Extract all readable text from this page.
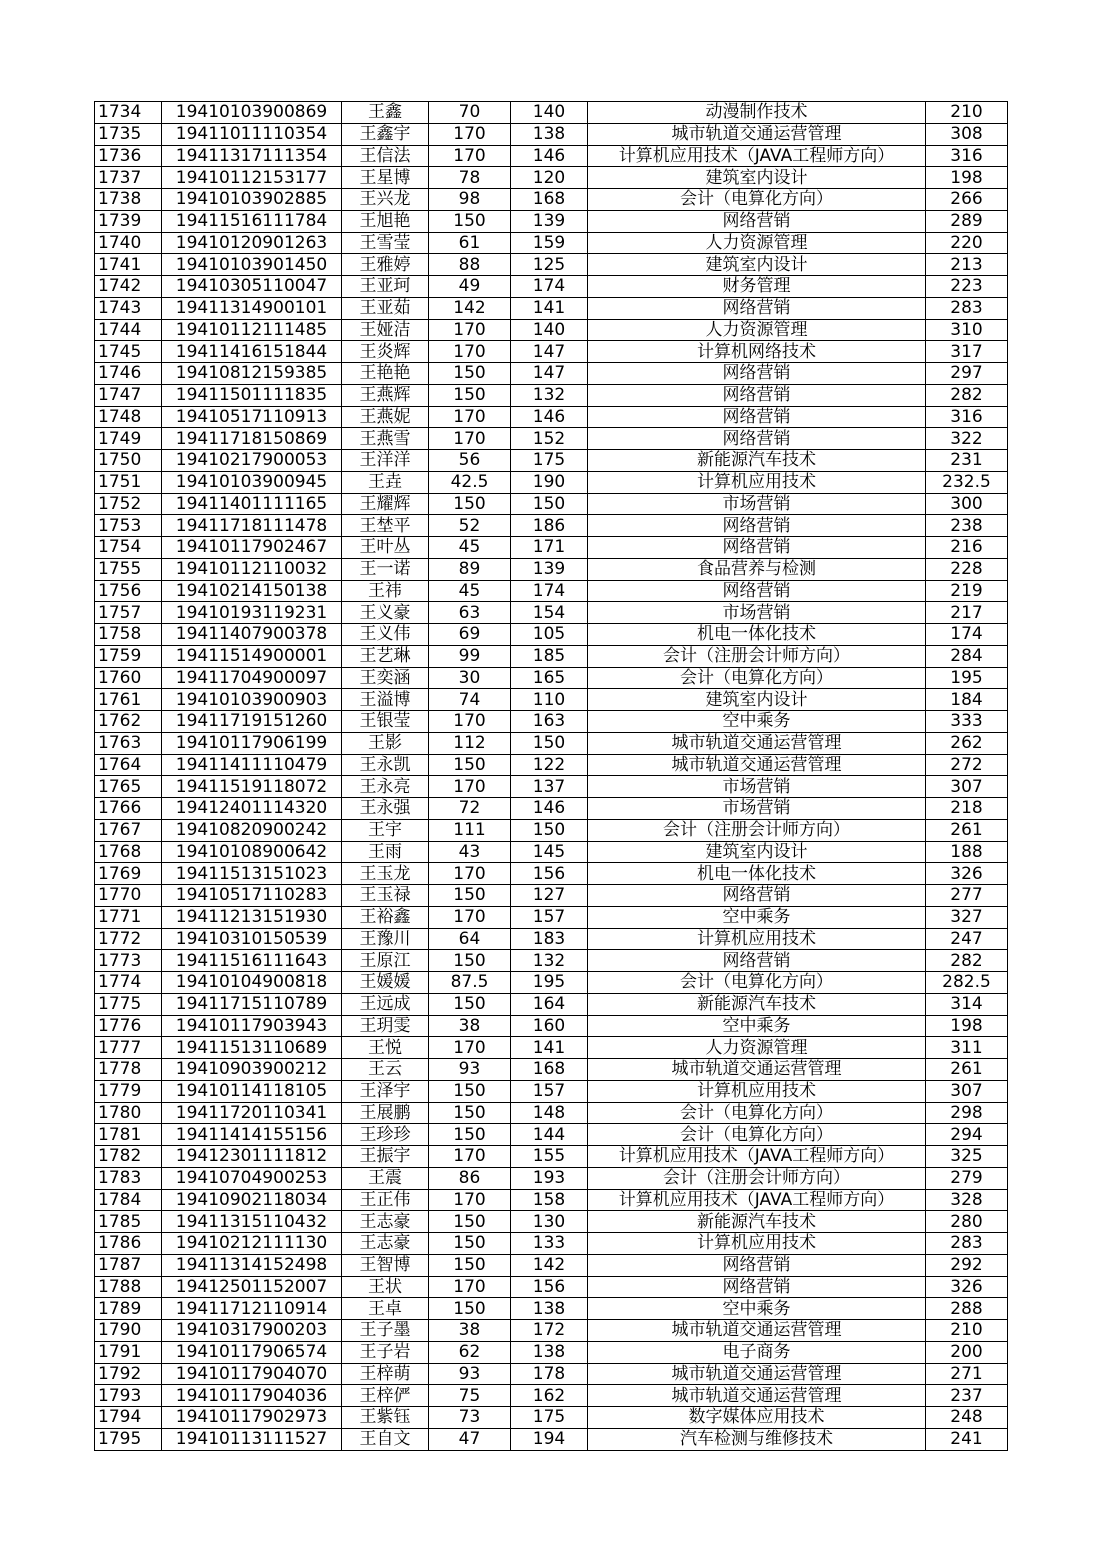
1734	19410103900869	王鑫	70	140	动漫制作技术	210
1735	19411011110354	王鑫宇	170	138	城市轨道交通运营管理	308
1736	19411317111354	王信法	170	146	计算机应用技术（JAVA工程师方向）	316
1737	19410112153177	王星博	78	120	建筑室内设计	198
1738	19410103902885	王兴龙	98	168	会计（电算化方向）	266
1739	19411516111784	王旭艳	150	139	网络营销	289
1740	19410120901263	王雪莹	61	159	人力资源管理	220
1741	19410103901450	王雅婷	88	125	建筑室内设计	213
1742	19410305110047	王亚珂	49	174	财务管理	223
1743	19411314900101	王亚茹	142	141	网络营销	283
1744	19410112111485	王娅洁	170	140	人力资源管理	310
1745	19411416151844	王炎辉	170	147	计算机网络技术	317
1746	19410812159385	王艳艳	150	147	网络营销	297
1747	19411501111835	王燕辉	150	132	网络营销	282
1748	19410517110913	王燕妮	170	146	网络营销	316
1749	19411718150869	王燕雪	170	152	网络营销	322
1750	19410217900053	王洋洋	56	175	新能源汽车技术	231
1751	19410103900945	王垚	42.5	190	计算机应用技术	232.5
1752	19411401111165	王耀辉	150	150	市场营销	300
1753	19411718111478	王埜平	52	186	网络营销	238
1754	19410117902467	王叶丛	45	171	网络营销	216
1755	19410112110032	王一诺	89	139	食品营养与检测	228
1756	19410214150138	王祎	45	174	网络营销	219
1757	19410193119231	王义豪	63	154	市场营销	217
1758	19411407900378	王义伟	69	105	机电一体化技术	174
1759	19411514900001	王艺琳	99	185	会计（注册会计师方向）	284
1760	19411704900097	王奕涵	30	165	会计（电算化方向）	195
1761	19410103900903	王溢博	74	110	建筑室内设计	184
1762	19411719151260	王银莹	170	163	空中乘务	333
1763	19410117906199	王影	112	150	城市轨道交通运营管理	262
1764	19411411110479	王永凯	150	122	城市轨道交通运营管理	272
1765	19411519118072	王永亮	170	137	市场营销	307
1766	19412401114320	王永强	72	146	市场营销	218
1767	19410820900242	王宇	111	150	会计（注册会计师方向）	261
1768	19410108900642	王雨	43	145	建筑室内设计	188
1769	19411513151023	王玉龙	170	156	机电一体化技术	326
1770	19410517110283	王玉禄	150	127	网络营销	277
1771	19411213151930	王裕鑫	170	157	空中乘务	327
1772	19410310150539	王豫川	64	183	计算机应用技术	247
1773	19411516111643	王原江	150	132	网络营销	282
1774	19410104900818	王媛媛	87.5	195	会计（电算化方向）	282.5
1775	19411715110789	王远成	150	164	新能源汽车技术	314
1776	19410117903943	王玥雯	38	160	空中乘务	198
1777	19411513110689	王悦	170	141	人力资源管理	311
1778	19410903900212	王云	93	168	城市轨道交通运营管理	261
1779	19410114118105	王泽宇	150	157	计算机应用技术	307
1780	19411720110341	王展鹏	150	148	会计（电算化方向）	298
1781	19411414155156	王珍珍	150	144	会计（电算化方向）	294
1782	19412301111812	王振宇	170	155	计算机应用技术（JAVA工程师方向）	325
1783	19410704900253	王震	86	193	会计（注册会计师方向）	279
1784	19410902118034	王正伟	170	158	计算机应用技术（JAVA工程师方向）	328
1785	19411315110432	王志豪	150	130	新能源汽车技术	280
1786	19410212111130	王志豪	150	133	计算机应用技术	283
1787	19411314152498	王智博	150	142	网络营销	292
1788	19412501152007	王状	170	156	网络营销	326
1789	19411712110914	王卓	150	138	空中乘务	288
1790	19410317900203	王子墨	38	172	城市轨道交通运营管理	210
1791	19410117906574	王子岩	62	138	电子商务	200
1792	19410117904070	王梓萌	93	178	城市轨道交通运营管理	271
1793	19410117904036	王梓俨	75	162	城市轨道交通运营管理	237
1794	19410117902973	王紫钰	73	175	数字媒体应用技术	248
1795	19410113111527	王自文	47	194	汽车检测与维修技术	241
